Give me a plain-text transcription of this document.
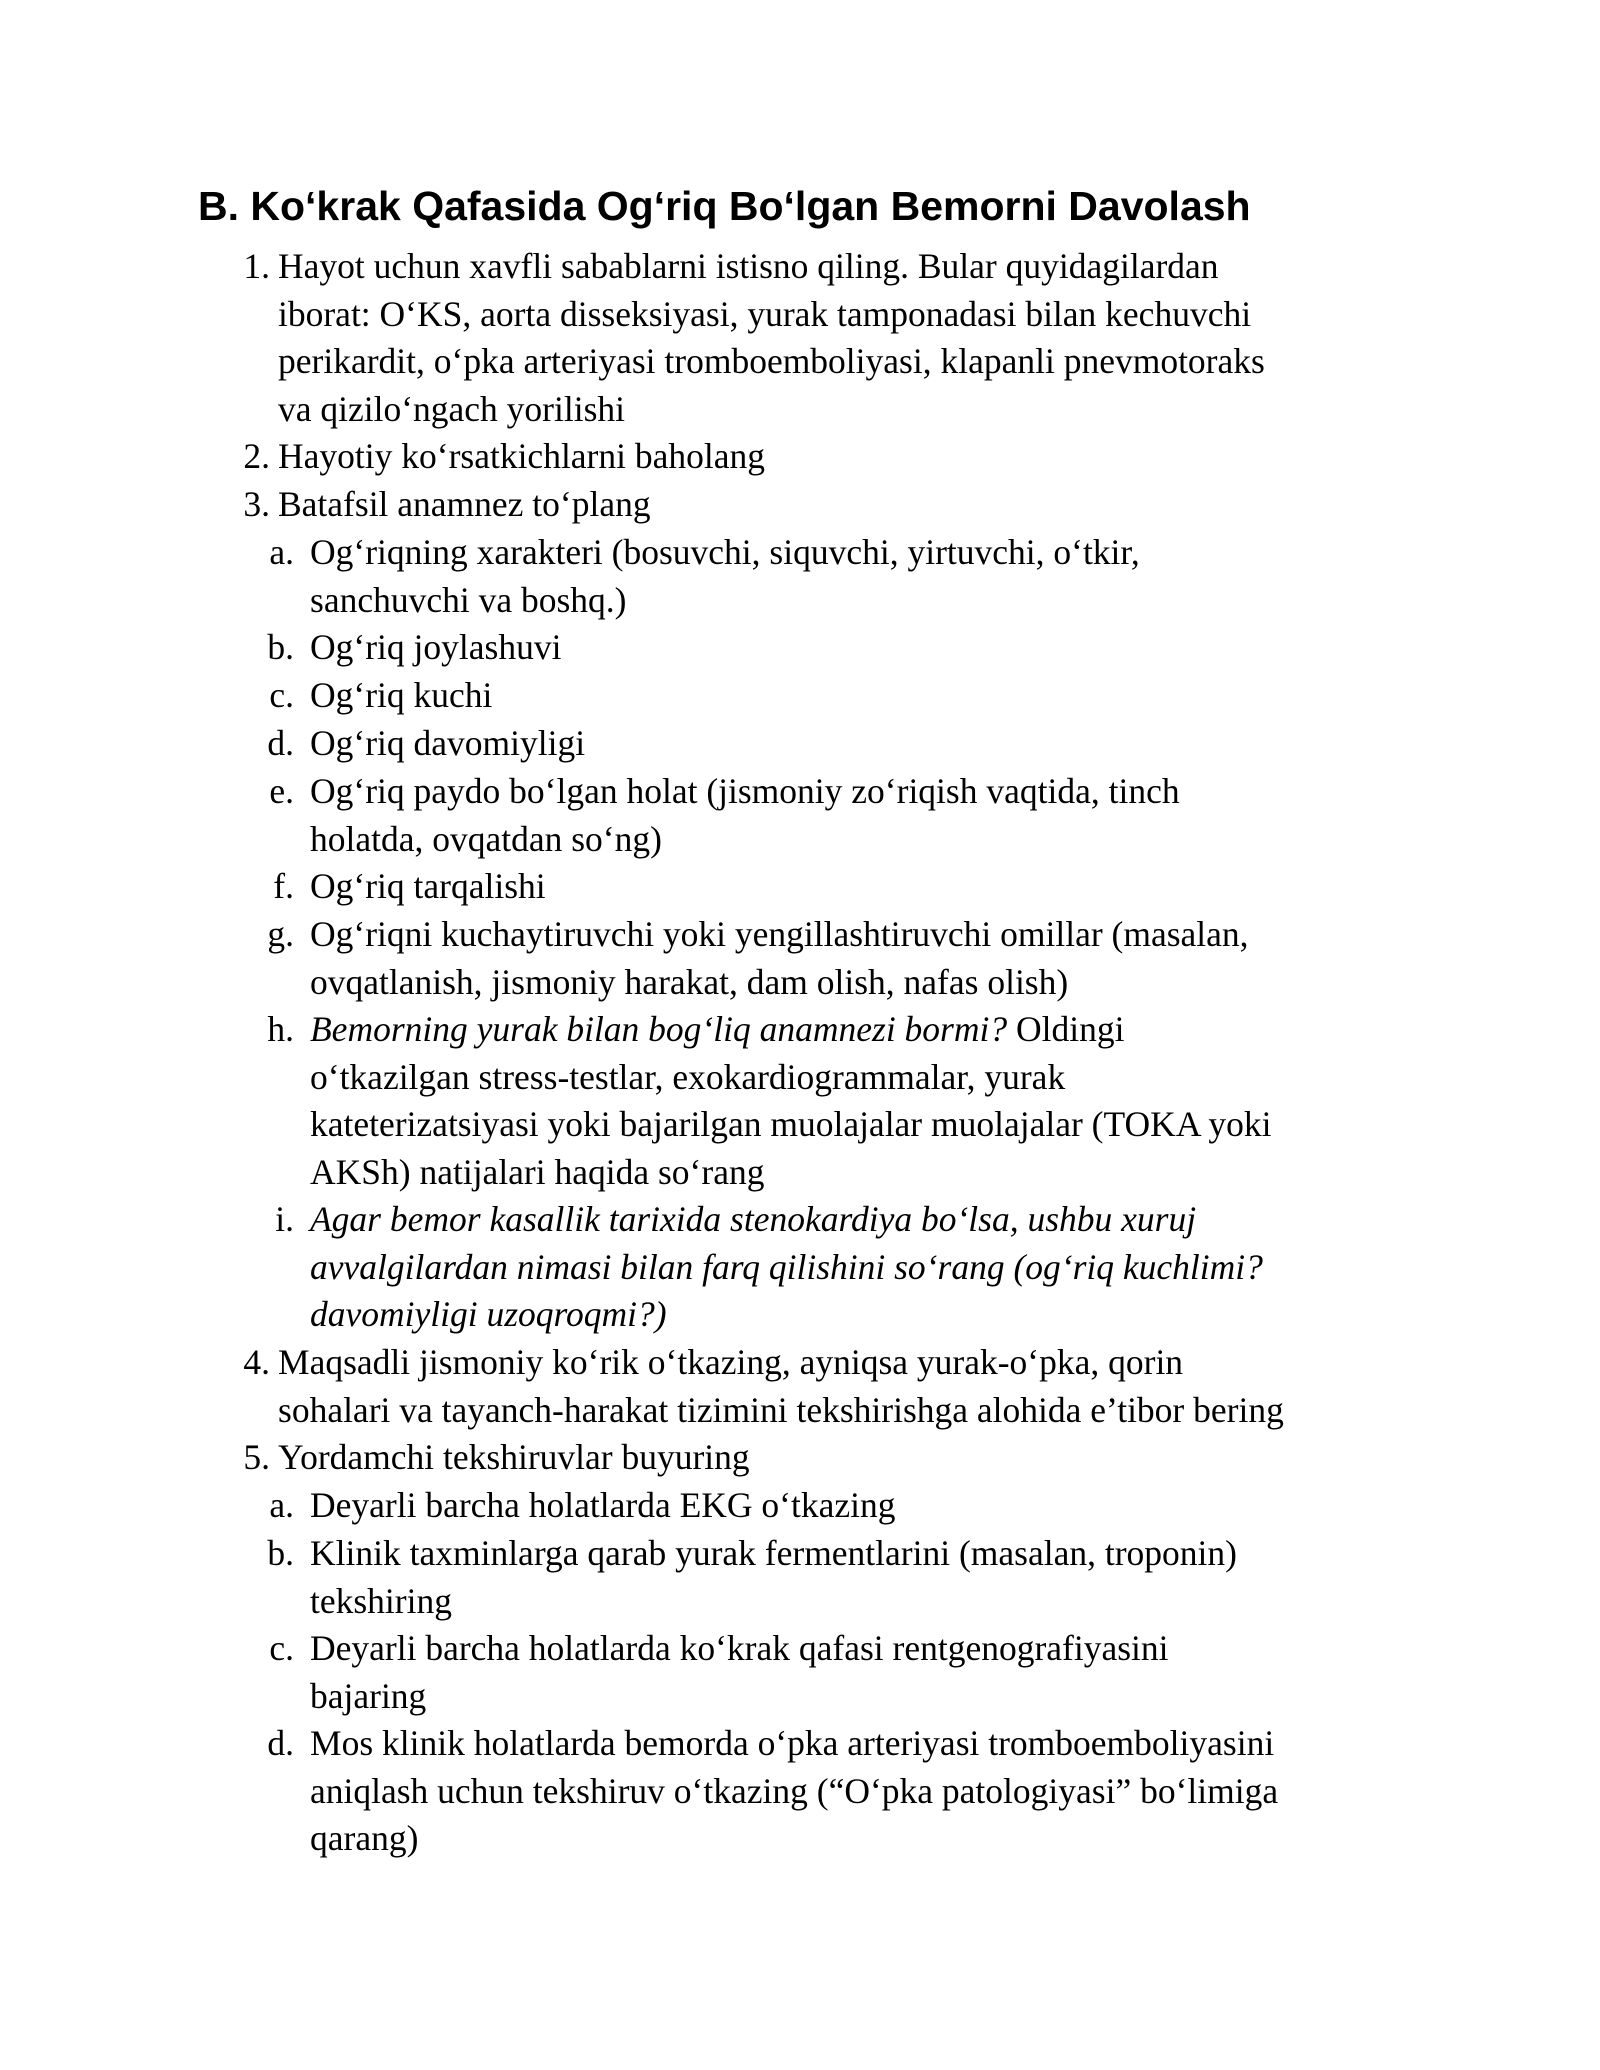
B. Ko‘krak Qafasida Og‘riq Bo‘lgan Bemorni Davolash
1. Hayot uchun xavfli sabablarni istisno qiling. Bular quyidagilardan
iborat: O‘KS, aorta disseksiyasi, yurak tamponadasi bilan kechuvchi
perikardit, o‘pka arteriyasi tromboemboliyasi, klapanli pnevmotoraks
va qizilo‘ngach yorilishi
2. Hayotiy ko‘rsatkichlarni baholang
3. Batafsil anamnez to‘plang
a. Og‘riqning xarakteri (bosuvchi, siquvchi, yirtuvchi, o‘tkir,
sanchuvchi va boshq.)
b. Og‘riq joylashuvi
c. Og‘riq kuchi
d. Og‘riq davomiyligi
e. Og‘riq paydo bo‘lgan holat (jismoniy zo‘riqish vaqtida, tinch
holatda, ovqatdan so‘ng)
f. Og‘riq tarqalishi
g. Og‘riqni kuchaytiruvchi yoki yengillashtiruvchi omillar (masalan,
ovqatlanish, jismoniy harakat, dam olish, nafas olish)
h. Bemorning yurak bilan bog‘liq anamnezi bormi? Oldingi
o‘tkazilgan stress-testlar, exokardiogrammalar, yurak
kateterizatsiyasi yoki bajarilgan muolajalar muolajalar (TOKA yoki
AKSh) natijalari haqida so‘rang
i. Agar bemor kasallik tarixida stenokardiya bo‘lsa, ushbu xuruj
avvalgilardan nimasi bilan farq qilishini so‘rang (og‘riq kuchlimi?
davomiyligi uzoqroqmi?)
4. Maqsadli jismoniy ko‘rik o‘tkazing, ayniqsa yurak-o‘pka, qorin
sohalari va tayanch-harakat tizimini tekshirishga alohida e’tibor bering
5. Yordamchi tekshiruvlar buyuring
a. Deyarli barcha holatlarda EKG o‘tkazing
b. Klinik taxminlarga qarab yurak fermentlarini (masalan, troponin)
tekshiring
c. Deyarli barcha holatlarda ko‘krak qafasi rentgenografiyasini
bajaring
d. Mos klinik holatlarda bemorda o‘pka arteriyasi tromboemboliyasini
aniqlash uchun tekshiruv o‘tkazing (“O‘pka patologiyasi” bo‘limiga
qarang)
